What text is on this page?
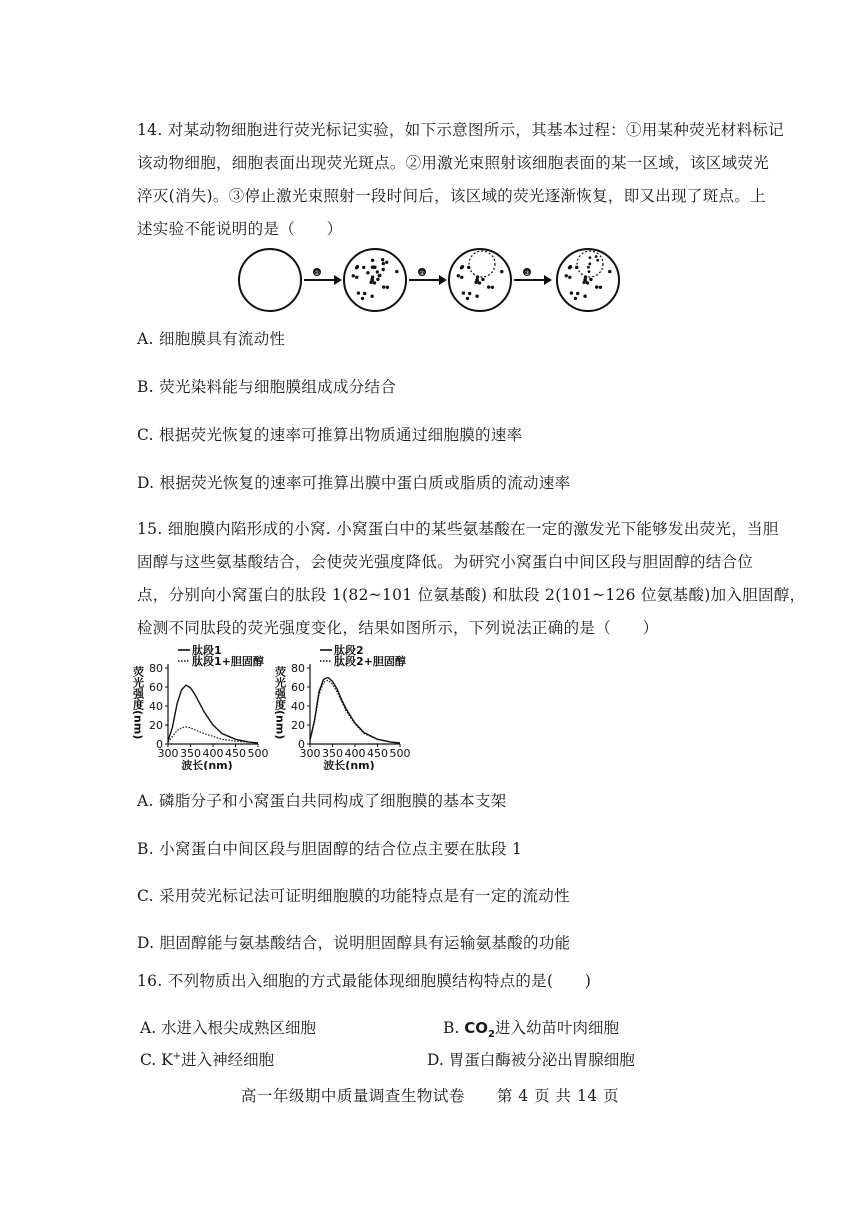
14. 对某动物细胞进行荧光标记实验，如下示意图所示，其基本过程：①用某种荧光材料标记
该动物细胞，细胞表面出现荧光斑点。②用激光束照射该细胞表面的某一区域，该区域荧光
淬灭(消失)。③停止激光束照射一段时间后，该区域的荧光逐渐恢复，即又出现了斑点。上
述实验不能说明的是（　　）
①	②	③
A. 细胞膜具有流动性
B. 荧光染料能与细胞膜组成成分结合
C. 根据荧光恢复的速率可推算出物质通过细胞膜的速率
D. 根据荧光恢复的速率可推算出膜中蛋白质或脂质的流动速率
15. 细胞膜内陷形成的小窝. 小窝蛋白中的某些氨基酸在一定的激发光下能够发出荧光，当胆
固醇与这些氨基酸结合，会使荧光强度降低。为研究小窝蛋白中间区段与胆固醇的结合位
点，分别向小窝蛋白的肽段 1(82~101 位氨基酸) 和肽段 2(101~126 位氨基酸)加入胆固醇，
检测不同肽段的荧光强度变化，结果如图所示，下列说法正确的是（　　）
肽段1
肽段1+胆固醇
荧光强度(nm)
0
20
40
60
80
300 350 400 450 500
波长(nm)
肽段2
肽段2+胆固醇
荧光强度(nm)
0
20
40
60
80
300 350 400 450 500
波长(nm)
A. 磷脂分子和小窝蛋白共同构成了细胞膜的基本支架
B. 小窝蛋白中间区段与胆固醇的结合位点主要在肽段 1
C. 采用荧光标记法可证明细胞膜的功能特点是有一定的流动性
D. 胆固醇能与氨基酸结合，说明胆固醇具有运输氨基酸的功能
16. 不列物质出入细胞的方式最能体现细胞膜结构特点的是(　　)
A. 水进入根尖成熟区细胞	B. $CO_2$进入幼苗叶肉细胞
C. K+进入神经细胞	D. 胃蛋白酶被分泌出胃腺细胞
高一年级期中质量调查生物试卷　　第 4 页 共 14 页
